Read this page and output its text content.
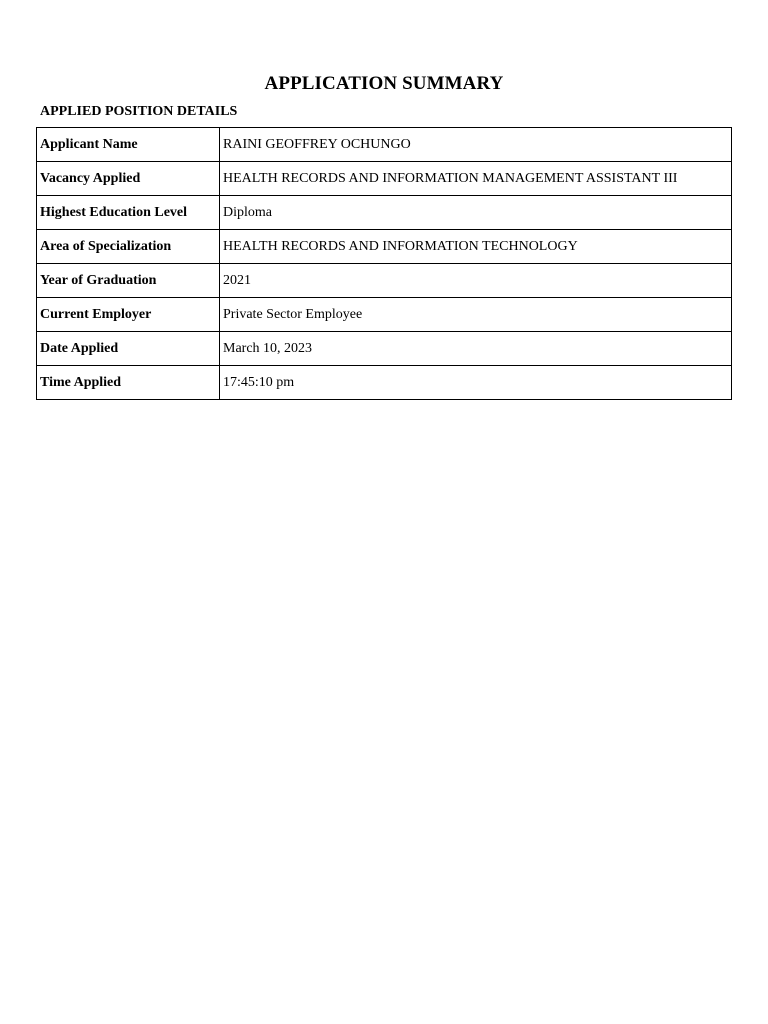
APPLICATION SUMMARY
APPLIED POSITION DETAILS
Applicant Name	RAINI GEOFFREY OCHUNGO
Vacancy Applied	HEALTH RECORDS AND INFORMATION MANAGEMENT ASSISTANT III
Highest Education Level	Diploma
Area of Specialization	HEALTH RECORDS AND INFORMATION TECHNOLOGY
Year of Graduation	2021
Current Employer	Private Sector Employee
Date Applied	March 10, 2023
Time Applied	17:45:10 pm
